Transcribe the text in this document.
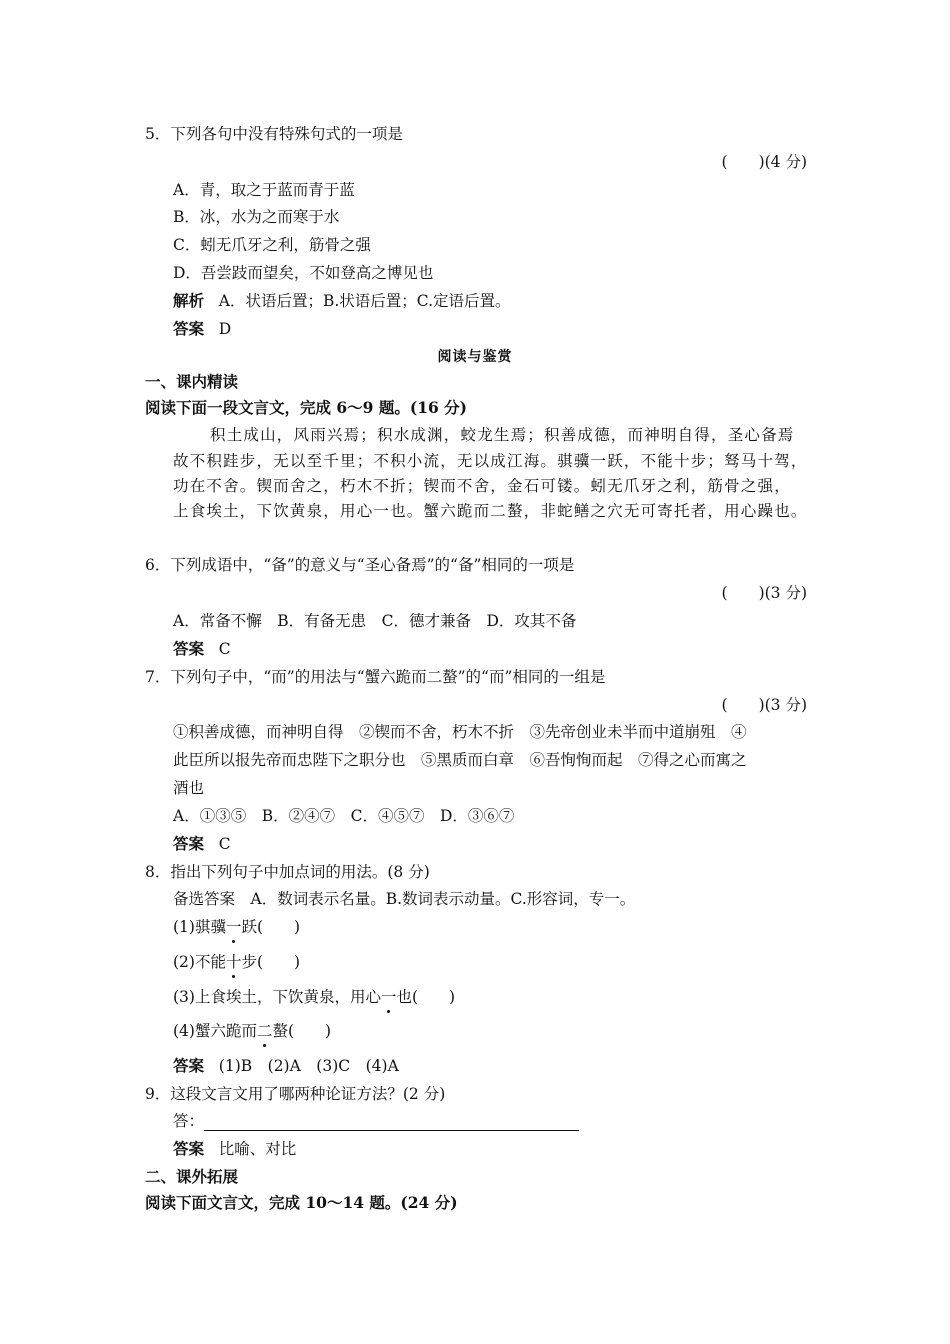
5．下列各句中没有特殊句式的一项是
(　　)(4 分)
A．青，取之于蓝而青于蓝
B．冰，水为之而寒于水
C．蚓无爪牙之利，筋骨之强
D．吾尝跂而望矣，不如登高之博见也
解析 A．状语后置；B.状语后置；C.定语后置。
答案 D
阅读与鉴赏
一、课内精读
阅读下面一段文言文，完成 6～9 题。(16 分)
积土成山，风雨兴焉；积水成渊，蛟龙生焉；积善成德，而神明自得，圣心备焉
故不积跬步，无以至千里；不积小流，无以成江海。骐骥一跃，不能十步；驽马十驾，
功在不舍。锲而舍之，朽木不折；锲而不舍，金石可镂。蚓无爪牙之利，筋骨之强，
上食埃土，下饮黄泉，用心一也。蟹六跪而二螯，非蛇鳝之穴无可寄托者，用心躁也。
6．下列成语中，“备”的意义与“圣心备焉”的“备”相同的一项是
(　　)(3 分)
A．常备不懈　B．有备无患　C．德才兼备　D．攻其不备
答案 C
7．下列句子中，“而”的用法与“蟹六跪而二螯”的“而”相同的一组是
(　　)(3 分)
①积善成德，而神明自得　②锲而不舍，朽木不折　③先帝创业未半而中道崩殂　④
此臣所以报先帝而忠陛下之职分也　⑤黑质而白章　⑥吾恂恂而起　⑦得之心而寓之
酒也
A．①③⑤　B．②④⑦　C．④⑤⑦　D．③⑥⑦
答案 C
8．指出下列句子中加点词的用法。(8 分)
备选答案　A．数词表示名量。B.数词表示动量。C.形容词，专一。
(1)骐骥一跃(　　)
(2)不能十步(　　)
(3)上食埃土，下饮黄泉，用心一也(　　)
(4)蟹六跪而二螯(　　)
答案 (1)B　(2)A　(3)C　(4)A
9．这段文言文用了哪两种论证方法？(2 分)
答：
答案 比喻、对比
二、课外拓展
阅读下面文言文，完成 10～14 题。(24 分)
